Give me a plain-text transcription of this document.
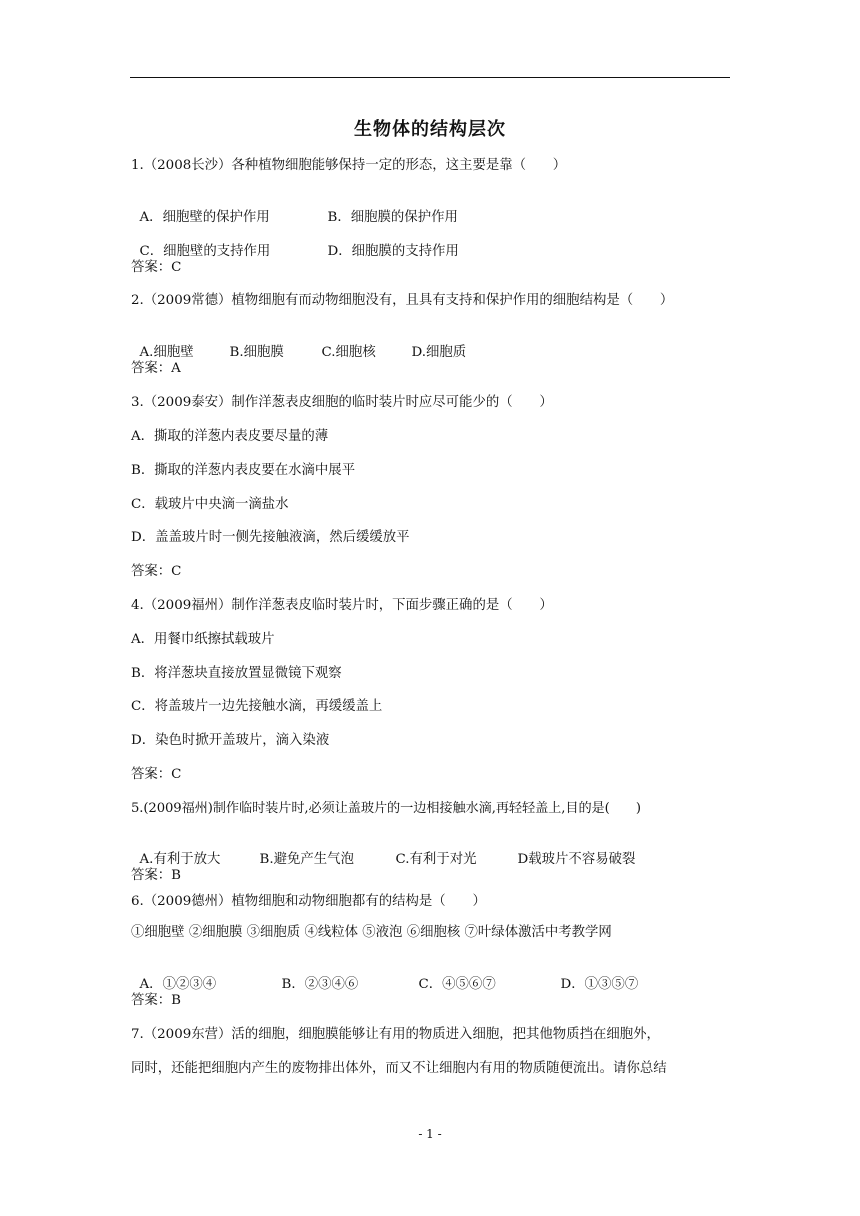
生物体的结构层次
1.（2008长沙）各种植物细胞能够保持一定的形态，这主要是靠（　　）

A．细胞壁的保护作用	B．细胞膜的保护作用

C．细胞壁的支持作用	D．细胞膜的支持作用

答案：C
2.（2009常德）植物细胞有而动物细胞没有，且具有支持和保护作用的细胞结构是（　　）

A.细胞壁	B.细胞膜	C.细胞核	D.细胞质

答案：A
3.（2009泰安）制作洋葱表皮细胞的临时装片时应尽可能少的（　　）
A．撕取的洋葱内表皮要尽量的薄
B．撕取的洋葱内表皮要在水滴中展平
C．载玻片中央滴一滴盐水
D．盖盖玻片时一侧先接触液滴，然后缓缓放平
答案：C
4.（2009福州）制作洋葱表皮临时装片时，下面步骤正确的是（　　）
A．用餐巾纸擦拭载玻片
B．将洋葱块直接放置显微镜下观察
C．将盖玻片一边先接触水滴，再缓缓盖上
D．染色时掀开盖玻片，滴入染液
答案：C
5.(2009福州)制作临时装片时,必须让盖玻片的一边相接触水滴,再轻轻盖上,目的是(　　)

A.有利于放大	B.避免产生气泡	C.有利于对光	D载玻片不容易破裂

答案：B
6.（2009德州）植物细胞和动物细胞都有的结构是（　　）
①细胞壁 ②细胞膜 ③细胞质 ④线粒体 ⑤液泡 ⑥细胞核 ⑦叶绿体激活中考教学网

A．①②③④	B．②③④⑥	C．④⑤⑥⑦	D．①③⑤⑦

答案：B
7.（2009东营）活的细胞，细胞膜能够让有用的物质进入细胞，把其他物质挡在细胞外，
同时，还能把细胞内产生的废物排出体外，而又不让细胞内有用的物质随便流出。请你总结
- 1 -
